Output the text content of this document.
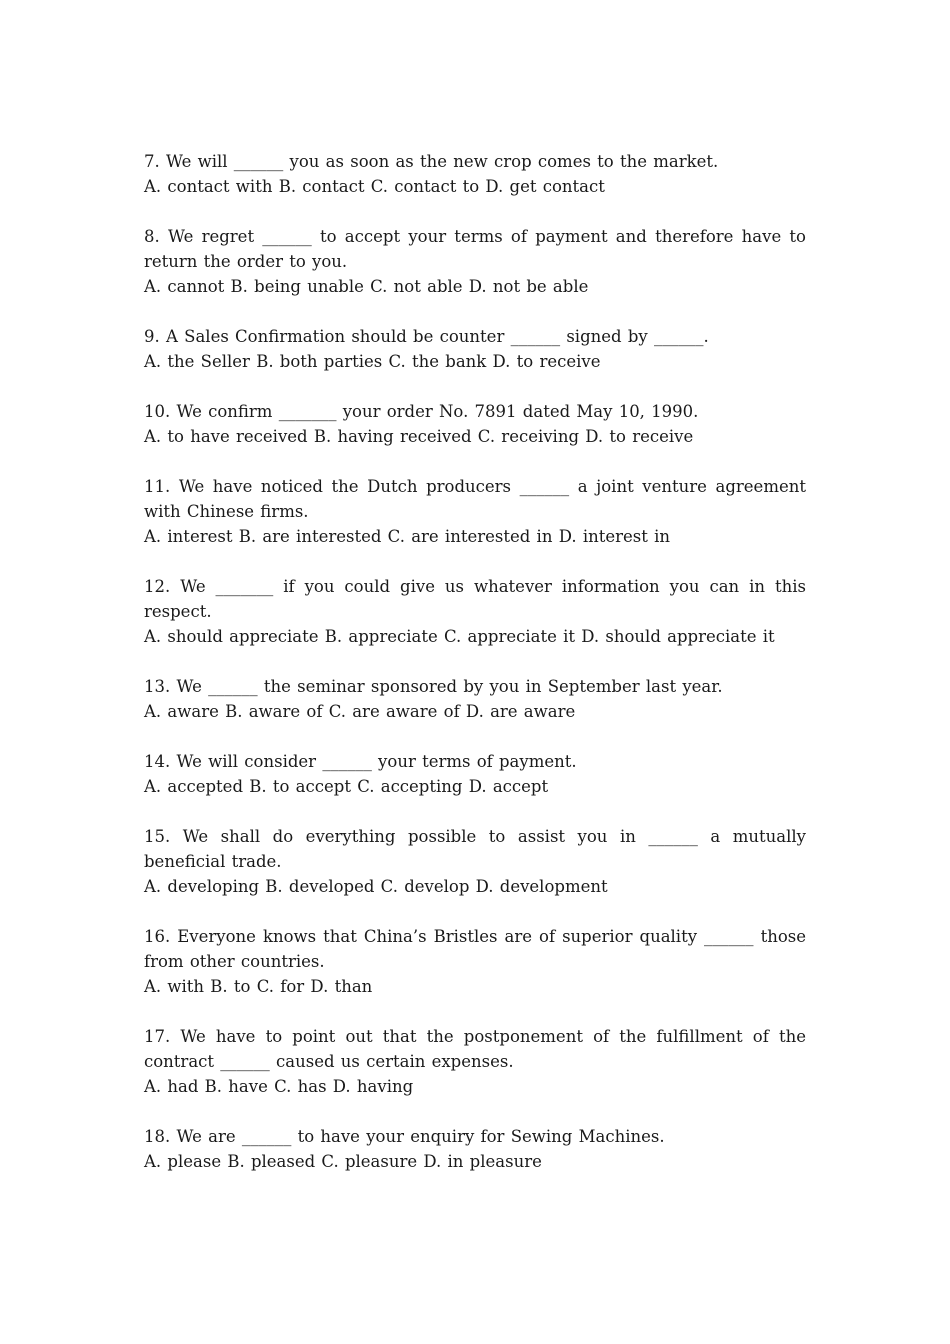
7. We will ______ you as soon as the new crop comes to the market.
A. contact with B. contact C. contact to D. get contact
8. We regret ______ to accept your terms of payment and therefore have to return the order to you.
A. cannot B. being unable C. not able D. not be able
9. A Sales Confirmation should be counter ______ signed by ______.
A. the Seller B. both parties C. the bank D. to receive
10. We confirm _______ your order No. 7891 dated May 10, 1990.
A. to have received B. having received C. receiving D. to receive
11. We have noticed the Dutch producers ______ a joint venture agreement with Chinese firms.
A. interest B. are interested C. are interested in D. interest in
12. We _______ if you could give us whatever information you can in this respect.
A. should appreciate B. appreciate C. appreciate it D. should appreciate it
13. We ______ the seminar sponsored by you in September last year.
A. aware B. aware of C. are aware of D. are aware
14. We will consider ______ your terms of payment.
A. accepted B. to accept C. accepting D. accept
15. We shall do everything possible to assist you in ______ a mutually beneficial trade.
A. developing B. developed C. develop D. development
16. Everyone knows that China’s Bristles are of superior quality ______ those from other countries.
A. with B. to C. for D. than
17. We have to point out that the postponement of the fulfillment of the contract ______ caused us certain expenses.
A. had B. have C. has D. having
18. We are ______ to have your enquiry for Sewing Machines.
A. please B. pleased C. pleasure D. in pleasure
